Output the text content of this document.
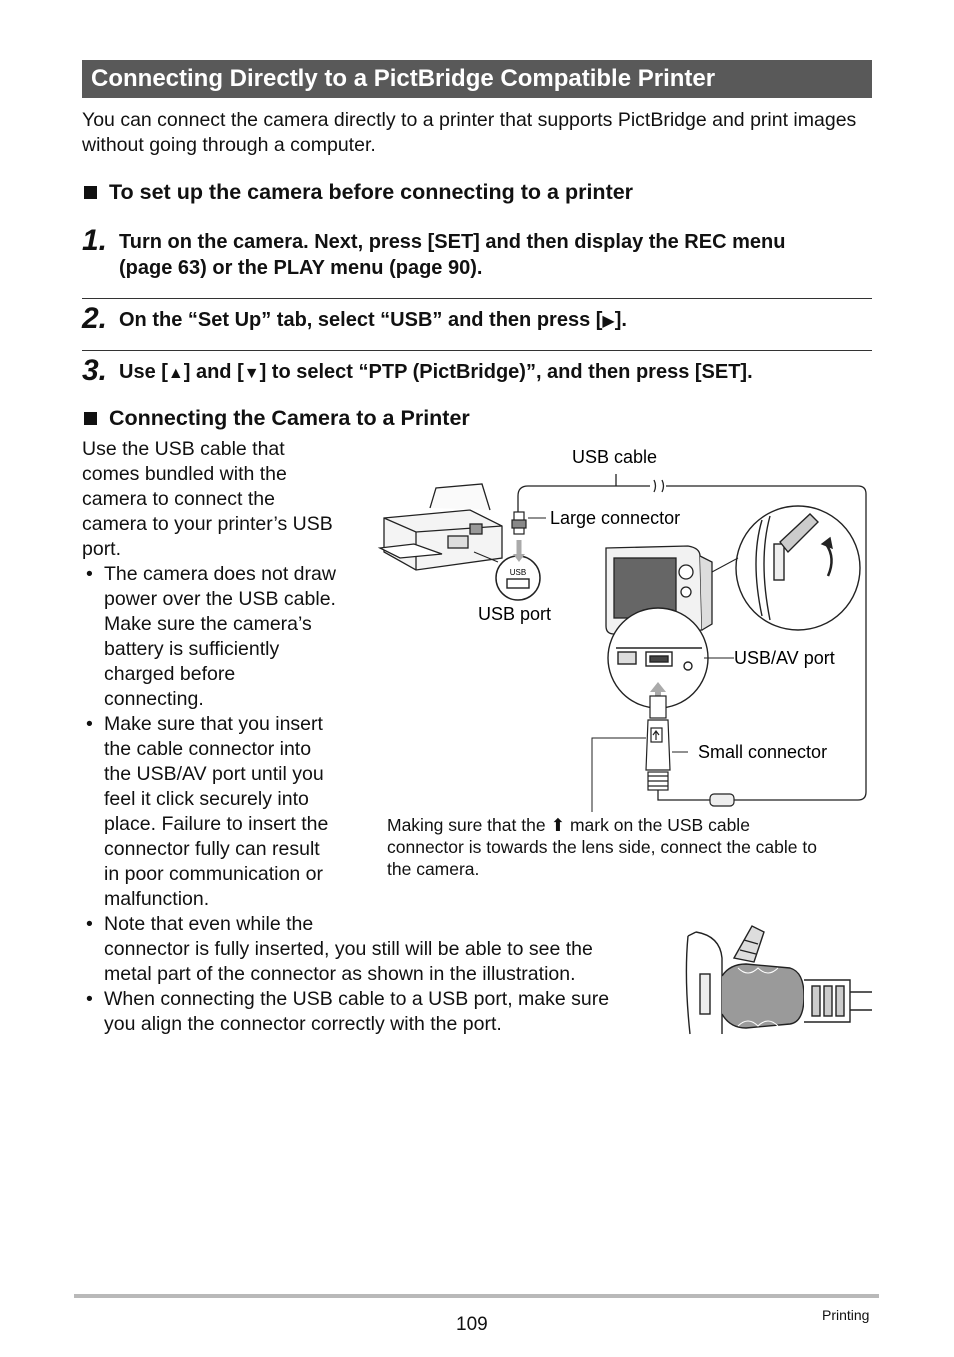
Connecting Directly to a PictBridge Compatible Printer
You can connect the camera directly to a printer that supports PictBridge and print images without going through a computer.
To set up the camera before connecting to a printer
1. Turn on the camera. Next, press [SET] and then display the REC menu
(page 63) or the PLAY menu (page 90).
2. On the “Set Up” tab, select “USB” and then press [▶].
3. Use [▲] and [▼] to select “PTP (PictBridge)”, and then press [SET].
Connecting the Camera to a Printer
Use the USB cable that
comes bundled with the
camera to connect the
camera to your printer’s USB
port.
• The camera does not draw
power over the USB cable.
Make sure the camera’s
battery is sufficiently
charged before
connecting.
• Make sure that you insert
the cable connector into
the USB/AV port until you
feel it click securely into
place. Failure to insert the
connector fully can result
in poor communication or
malfunction.
• Note that even while the
connector is fully inserted, you still will be able to see the
metal part of the connector as shown in the illustration.
• When connecting the USB cable to a USB port, make sure
you align the connector correctly with the port.
USB
USB cable
Large connector
USB port
USB/AV port
Small connector
Making sure that the ⬆ mark on the USB cable
connector is towards the lens side, connect the cable to
the camera.
109	Printing
